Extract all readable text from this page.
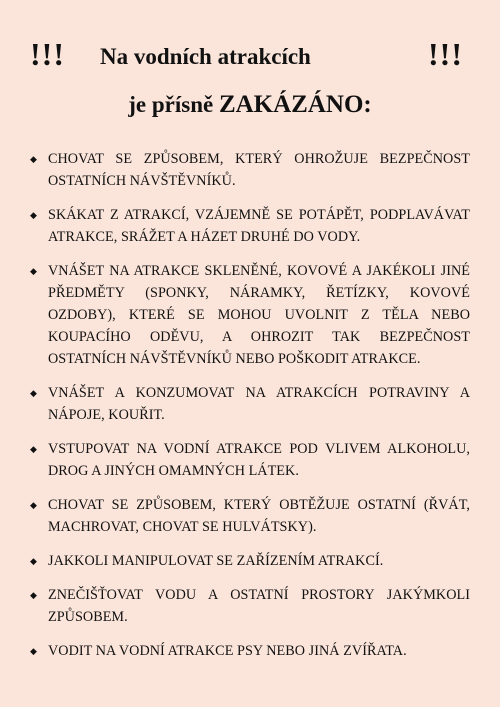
!!! Na vodních atrakcích	!!!
je přísně ZAKÁZÁNO:
◆ CHOVAT SE ZPŮSOBEM, KTERÝ OHROŽUJE BEZPEČNOST OSTATNÍCH NÁVŠTĚVNÍKŮ.
◆ SKÁKAT Z ATRAKCÍ, VZÁJEMNĚ SE POTÁPĚT, PODPLAVÁVAT ATRAKCE, SRÁŽET A HÁZET DRUHÉ DO VODY.
◆ VNÁŠET NA ATRAKCE SKLENĚNÉ, KOVOVÉ A JAKÉKOLI JINÉ PŘEDMĚTY (SPONKY, NÁRAMKY, ŘETÍZKY, KOVOVÉ OZDOBY), KTERÉ SE MOHOU UVOLNIT Z TĚLA NEBO KOUPACÍHO ODĚVU, A OHROZIT TAK BEZPEČNOST OSTATNÍCH NÁVŠTĚVNÍKŮ NEBO POŠKODIT ATRAKCE.
◆ VNÁŠET A KONZUMOVAT NA ATRAKCÍCH POTRAVINY A NÁPOJE, KOUŘIT.
◆ VSTUPOVAT NA VODNÍ ATRAKCE POD VLIVEM ALKOHOLU, DROG A JINÝCH OMAMNÝCH LÁTEK.
◆ CHOVAT SE ZPŮSOBEM, KTERÝ OBTĚŽUJE OSTATNÍ (ŘVÁT, MACHROVAT, CHOVAT SE HULVÁTSKY).
◆ JAKKOLI MANIPULOVAT SE ZAŘÍZENÍM ATRAKCÍ.
◆ ZNEČIŠŤOVAT VODU A OSTATNÍ PROSTORY JAKÝMKOLI ZPŮSOBEM.
◆ VODIT NA VODNÍ ATRAKCE PSY NEBO JINÁ ZVÍŘATA.
